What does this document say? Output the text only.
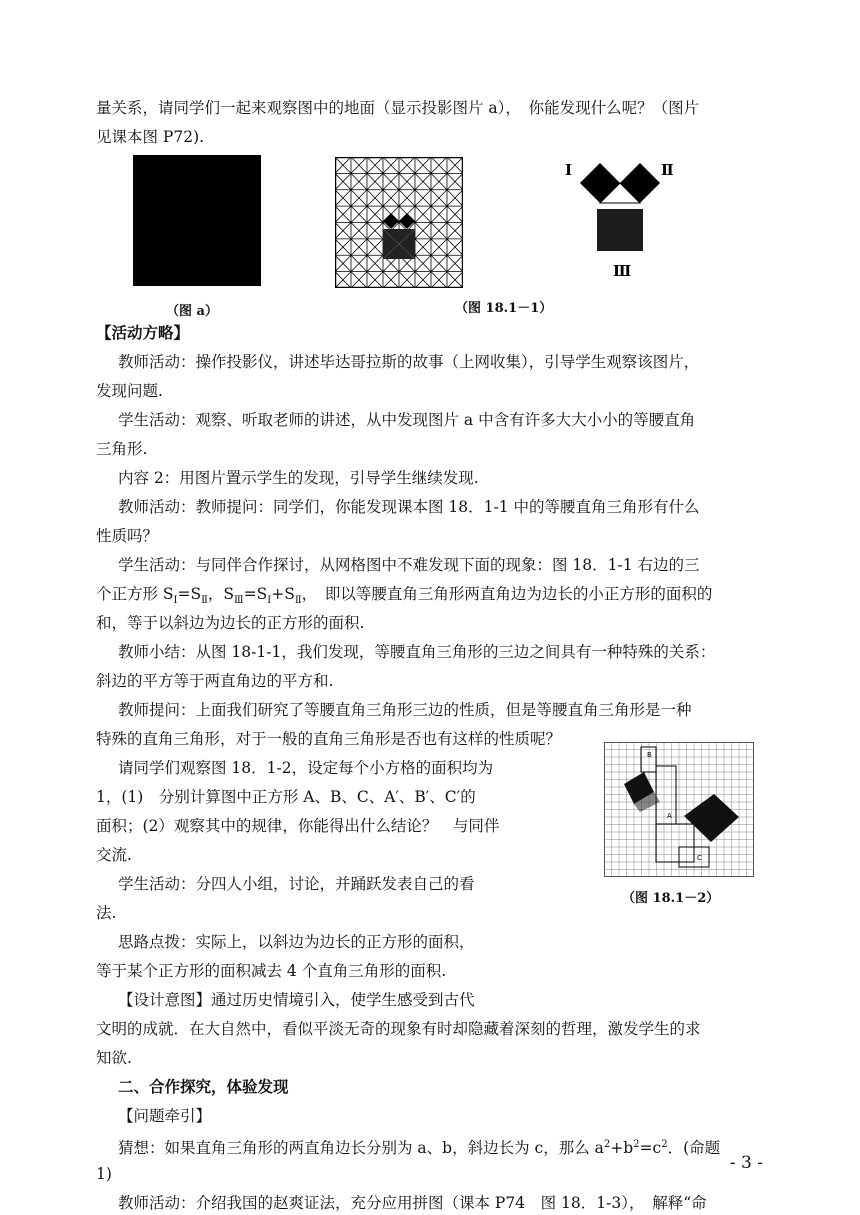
量关系，请同学们一起来观察图中的地面（显示投影图片 a），　你能发现什么呢？（图片
见课本图 P72).
（图 a）
Ⅰ	Ⅱ
Ⅲ
（图 18.1－1）
【活动方略】
教师活动：操作投影仪，讲述毕达哥拉斯的故事（上网收集），引导学生观察该图片，
发现问题.
学生活动：观察、听取老师的讲述，从中发现图片 a 中含有许多大大小小的等腰直角
三角形.
内容 2：用图片置示学生的发现，引导学生继续发现.
教师活动：教师提问：同学们，你能发现课本图 18．1-1 中的等腰直角三角形有什么
性质吗？
学生活动：与同伴合作探讨，从网格图中不难发现下面的现象：图 18．1-1 右边的三
个正方形 $S_Ⅰ=S_Ⅱ$，$S_Ⅲ=S_Ⅰ+S_Ⅱ$，　即以等腰直角三角形两直角边为边长的小正方形的面积的
和，等于以斜边为边长的正方形的面积.
教师小结：从图 18-1-1，我们发现，等腰直角三角形的三边之间具有一种特殊的关系：
斜边的平方等于两直角边的平方和.
教师提问：上面我们研究了等腰直角三角形三边的性质，但是等腰直角三角形是一种
特殊的直角三角形，对于一般的直角三角形是否也有这样的性质呢？
请同学们观察图 18．1-2，设定每个小方格的面积均为
1，(1)　分别计算图中正方形 A、B、C、A′、B′、C′的
面积；(2）观察其中的规律，你能得出什么结论？　与同伴
交流.
学生活动：分四人小组，讨论，并踊跃发表自己的看
法.
思路点拨：实际上，以斜边为边长的正方形的面积，
等于某个正方形的面积减去 4 个直角三角形的面积.
【设计意图】通过历史情境引入，使学生感受到古代
B
A
C
（图 18.1－2）
文明的成就．在大自然中，看似平淡无奇的现象有时却隐藏着深刻的哲理，激发学生的求
知欲.
二、合作探究，体验发现
【问题牵引】
猜想：如果直角三角形的两直角边长分别为 a、b，斜边长为 c，那么 $a^2+b^2=c^2$．(命题
1)
教师活动：介绍我国的赵爽证法，充分应用拼图（课本 P74　图 18．1-3），　解释“命
- 3 -
